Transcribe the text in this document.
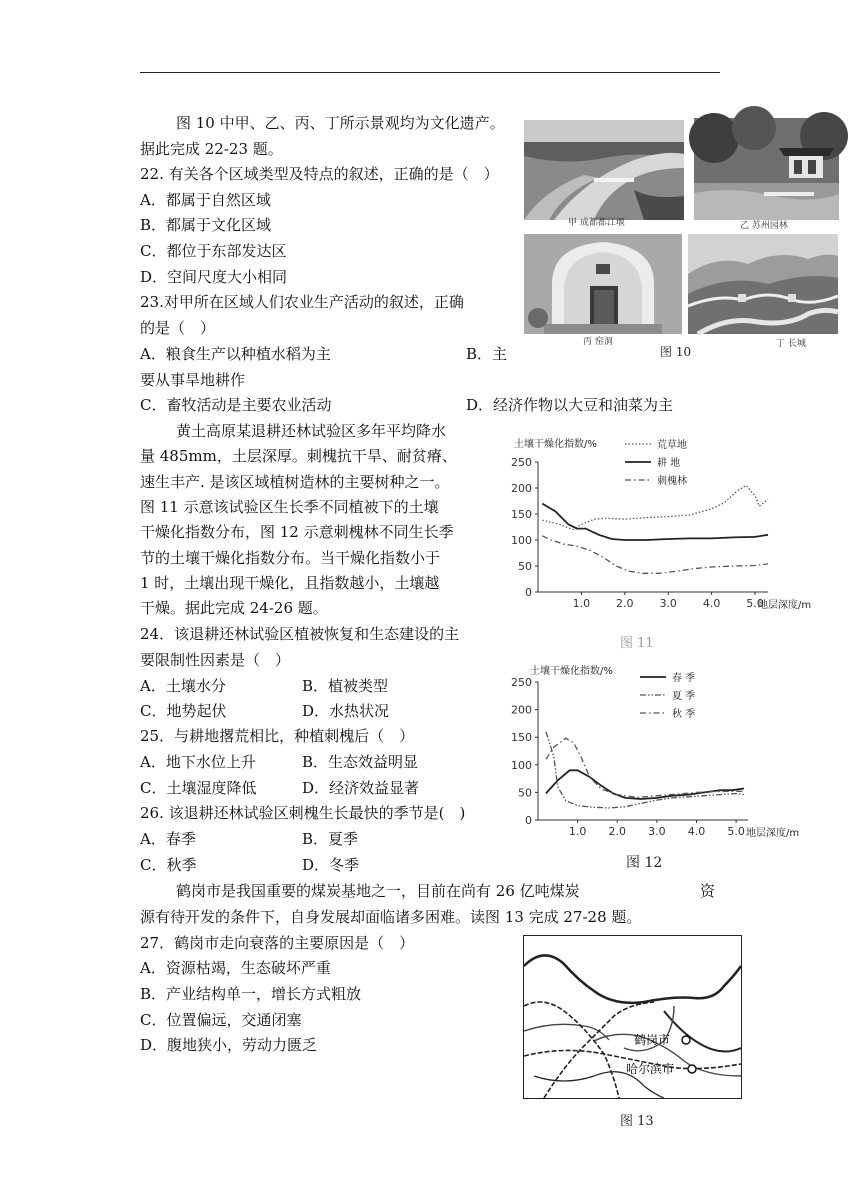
图 10 中甲、乙、丙、丁所示景观均为文化遗产。
据此完成 22-23 题。
22. 有关各个区域类型及特点的叙述，正确的是（　）
A．都属于自然区域
B．都属于文化区域
C．都位于东部发达区
D．空间尺度大小相同
23.对甲所在区域人们农业生产活动的叙述，正确
的是（　）
A．粮食生产以种植水稻为主	B．主
要从事旱地耕作
C．畜牧活动是主要农业活动	D．经济作物以大豆和油菜为主
甲 成都都江堰	乙 苏州园林
丙 窑洞	丁 长城
图 10
黄土高原某退耕还林试验区多年平均降水
量 485mm，土层深厚。刺槐抗干旱、耐贫瘠、
速生丰产. 是该区域植树造林的主要树种之一。
图 11 示意该试验区生长季不同植被下的土壤
干燥化指数分布，图 12 示意刺槐林不同生长季
节的土壤干燥化指数分布。当干燥化指数小于
1 时，土壤出现干燥化，且指数越小，土壤越
干燥。据此完成 24-26 题。
24．该退耕还林试验区植被恢复和生态建设的主
要限制性因素是（　）
A．土壤水分	B．植被类型
C．地势起伏	D．水热状况
25．与耕地撂荒相比，种植刺槐后（　）
A．地下水位上升	B．生态效益明显
C．土壤湿度降低	D．经济效益显著
26. 该退耕还林试验区刺槐生长最快的季节是(　)
A．春季	B．夏季
C．秋季	D．冬季
0
50
100
150
200
250
1.0 2.0 3.0 4.0 5.0
土壤干燥化指数/%
地层深度/m
荒草地
耕 地
刺槐林
图 11
0
50
100
150
200
250
1.0 2.0 3.0 4.0 5.0
土壤干燥化指数/%
地层深度/m
春 季
夏 季
秋 季
图 12
鹤岗市是我国重要的煤炭基地之一，目前在尚有 26 亿吨煤炭	资
源有待开发的条件下，自身发展却面临诸多困难。读图 13 完成 27-28 题。
27．鹤岗市走向衰落的主要原因是（　）
A．资源枯竭，生态破坏严重
B．产业结构单一，增长方式粗放
C．位置偏远，交通闭塞
D．腹地狭小，劳动力匮乏	鹤岗市
哈尔滨市
图 13
